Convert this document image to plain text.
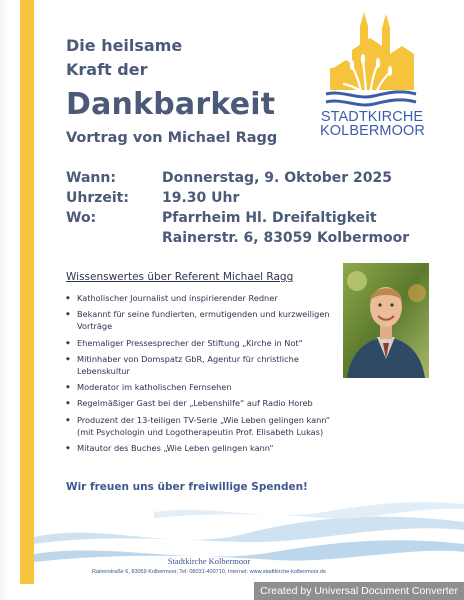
Die heilsame
Kraft der
Dankbarkeit
Vortrag von Michael Ragg
STADTKIRCHE
KOLBERMOOR
Wann:	Donnerstag, 9. Oktober 2025
Uhrzeit: 19.30 Uhr
Wo:	Pfarrheim Hl. Dreifaltigkeit
Rainerstr. 6, 83059 Kolbermoor
Wissenswertes über Referent Michael Ragg
◆ Katholischer Journalist und inspirierender Redner
◆ Bekannt für seine fundierten, ermutigenden und kurzweiligen Vorträge
◆ Ehemaliger Pressesprecher der Stiftung „Kirche in Not“
◆ Mitinhaber von Domspatz GbR, Agentur für christliche Lebenskultur
◆ Moderator im katholischen Fernsehen
◆ Regelmäßiger Gast bei der „Lebenshilfe“ auf Radio Horeb
◆ Produzent der 13-teiligen TV-Serie „Wie Leben gelingen kann“ (mit Psychologin und Logotherapeutin Prof. Elisabeth Lukas)
◆ Mitautor des Buches „Wie Leben gelingen kann“
Wir freuen uns über freiwillige Spenden!
Stadtkirche Kolbermoor
Rainerstraße 6, 83059 Kolbermoor, Tel: 08031-400710, Internet: www.stadtkirche-kolbermoor.de
Created by Universal Document Converter
